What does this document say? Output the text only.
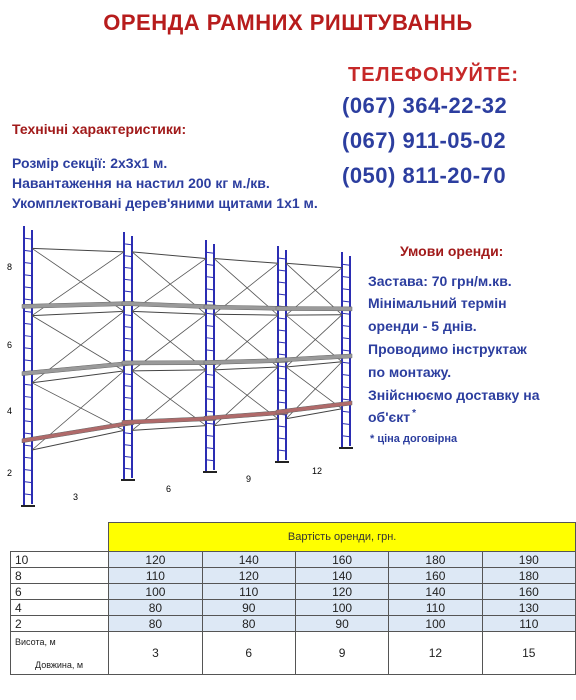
ОРЕНДА РАМНИХ РИШТУВАННЬ
ТЕЛЕФОНУЙТЕ:
(067) 364-22-32
(067) 911-05-02
(050) 811-20-70
Технічні характеристики:
Розмір секції: 2х3х1 м.
Навантаження на настил 200 кг м./кв.
Укомплектовані дерев'яними щитами 1х1 м.
8
6
4
2
3
6
9
12
Умови оренди:
Застава: 70 грн/м.кв.
Мінімальний термін
оренди - 5 днів.
Проводимо інструктаж
по монтажу.
Знійснюємо доставку на
об'єкт *
* ціна договірна
	Вартість оренди, грн.				
10	120	140	160	180	190
8	110	120	140	160	180
6	100	110	120	140	160
4	80	90	100	110	130
2	80	80	90	100	110

Висота, м
Довжина, м	3	6	9	12	15
